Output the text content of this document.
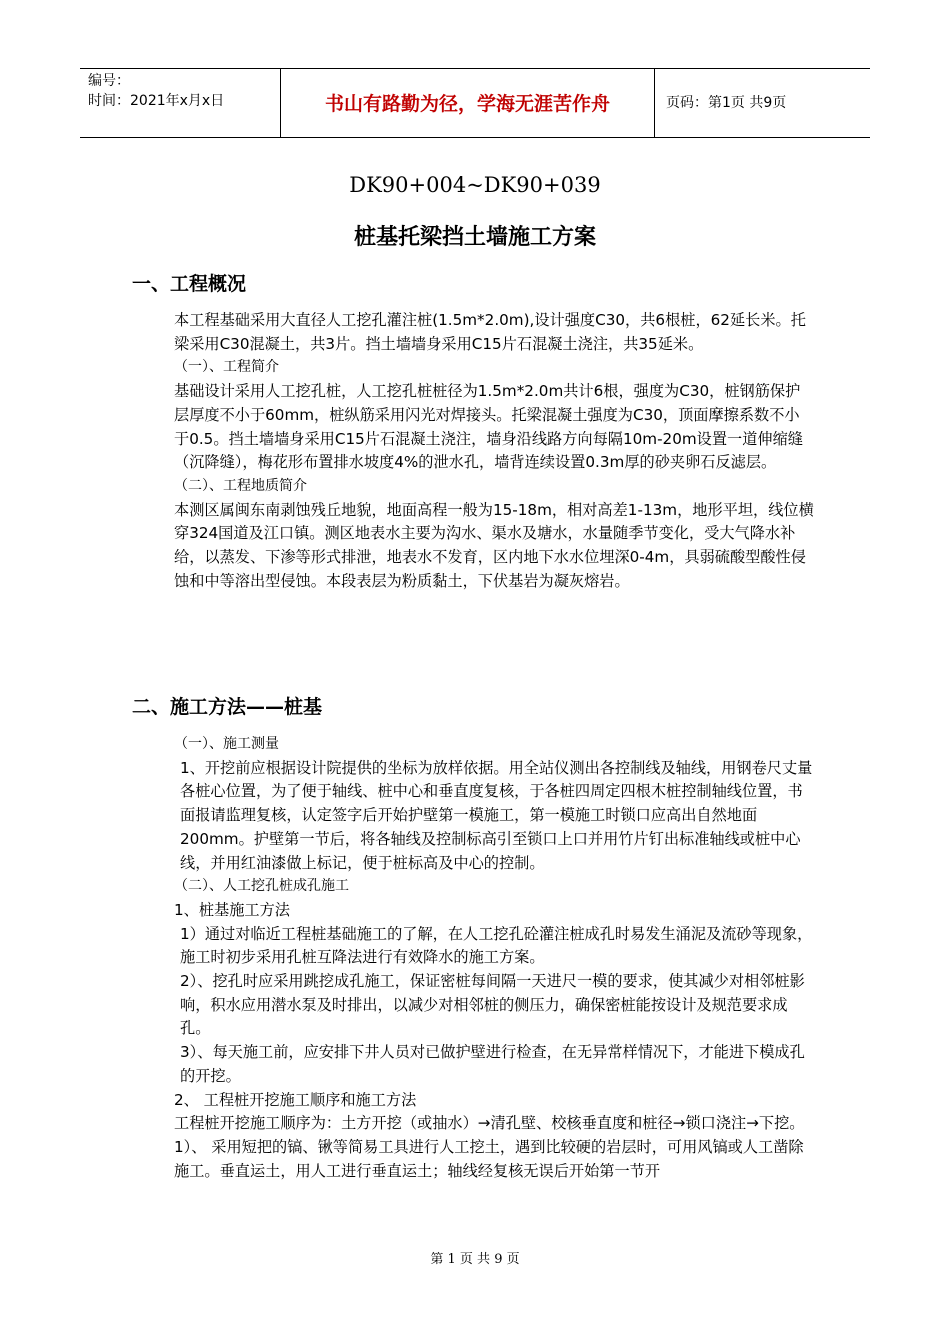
编号：
时间：2021年x月x日	书山有路勤为径，学海无涯苦作舟	页码：第1页 共9页
DK90+004~DK90+039
桩基托梁挡土墙施工方案
一、工程概况

本工程基础采用大直径人工挖孔灌注桩(1.5m*2.0m),设计强度C30，共6根桩，62延长米。托梁采用C30混凝土，共3片。挡土墙墙身采用C15片石混凝土浇注，共35延米。

（一）、工程简介

基础设计采用人工挖孔桩，人工挖孔桩桩径为1.5m*2.0m共计6根，强度为C30，桩钢筋保护层厚度不小于60mm，桩纵筋采用闪光对焊接头。托梁混凝土强度为C30，顶面摩擦系数不小于0.5。挡土墙墙身采用C15片石混凝土浇注，墙身沿线路方向每隔10m-20m设置一道伸缩缝（沉降缝），梅花形布置排水坡度4%的泄水孔，墙背连续设置0.3m厚的砂夹卵石反滤层。

（二）、工程地质简介

本测区属闽东南剥蚀残丘地貌，地面高程一般为15-18m，相对高差1-13m，地形平坦，线位横穿324国道及江口镇。测区地表水主要为沟水、渠水及塘水，水量随季节变化，受大气降水补给，以蒸发、下渗等形式排泄，地表水不发育，区内地下水水位埋深0-4m，具弱硫酸型酸性侵蚀和中等溶出型侵蚀。本段表层为粉质黏土，下伏基岩为凝灰熔岩。

二、施工方法——桩基

（一）、施工测量

1、开挖前应根据设计院提供的坐标为放样依据。用全站仪测出各控制线及轴线，用钢卷尺丈量各桩心位置，为了便于轴线、桩中心和垂直度复核，于各桩四周定四根木桩控制轴线位置，书面报请监理复核，认定签字后开始护壁第一模施工，第一模施工时锁口应高出自然地面200mm。护壁第一节后，将各轴线及控制标高引至锁口上口并用竹片钉出标准轴线或桩中心线，并用红油漆做上标记，便于桩标高及中心的控制。

（二）、人工挖孔桩成孔施工

1、桩基施工方法

1）通过对临近工程桩基础施工的了解，在人工挖孔砼灌注桩成孔时易发生涌泥及流砂等现象，施工时初步采用孔桩互降法进行有效降水的施工方案。

2）、挖孔时应采用跳挖成孔施工，保证密桩每间隔一天进尺一模的要求，使其减少对相邻桩影响，积水应用潜水泵及时排出，以减少对相邻桩的侧压力，确保密桩能按设计及规范要求成孔。

3）、每天施工前，应安排下井人员对已做护壁进行检查，在无异常样情况下，才能进下模成孔的开挖。

2、 工程桩开挖施工顺序和施工方法

工程桩开挖施工顺序为：土方开挖（或抽水）→清孔壁、校核垂直度和桩径→锁口浇注→下挖。

1）、 采用短把的镐、锹等简易工具进行人工挖土，遇到比较硬的岩层时，可用风镐或人工凿除施工。垂直运土，用人工进行垂直运土；轴线经复核无误后开始第一节开

第 1 页 共 9 页
